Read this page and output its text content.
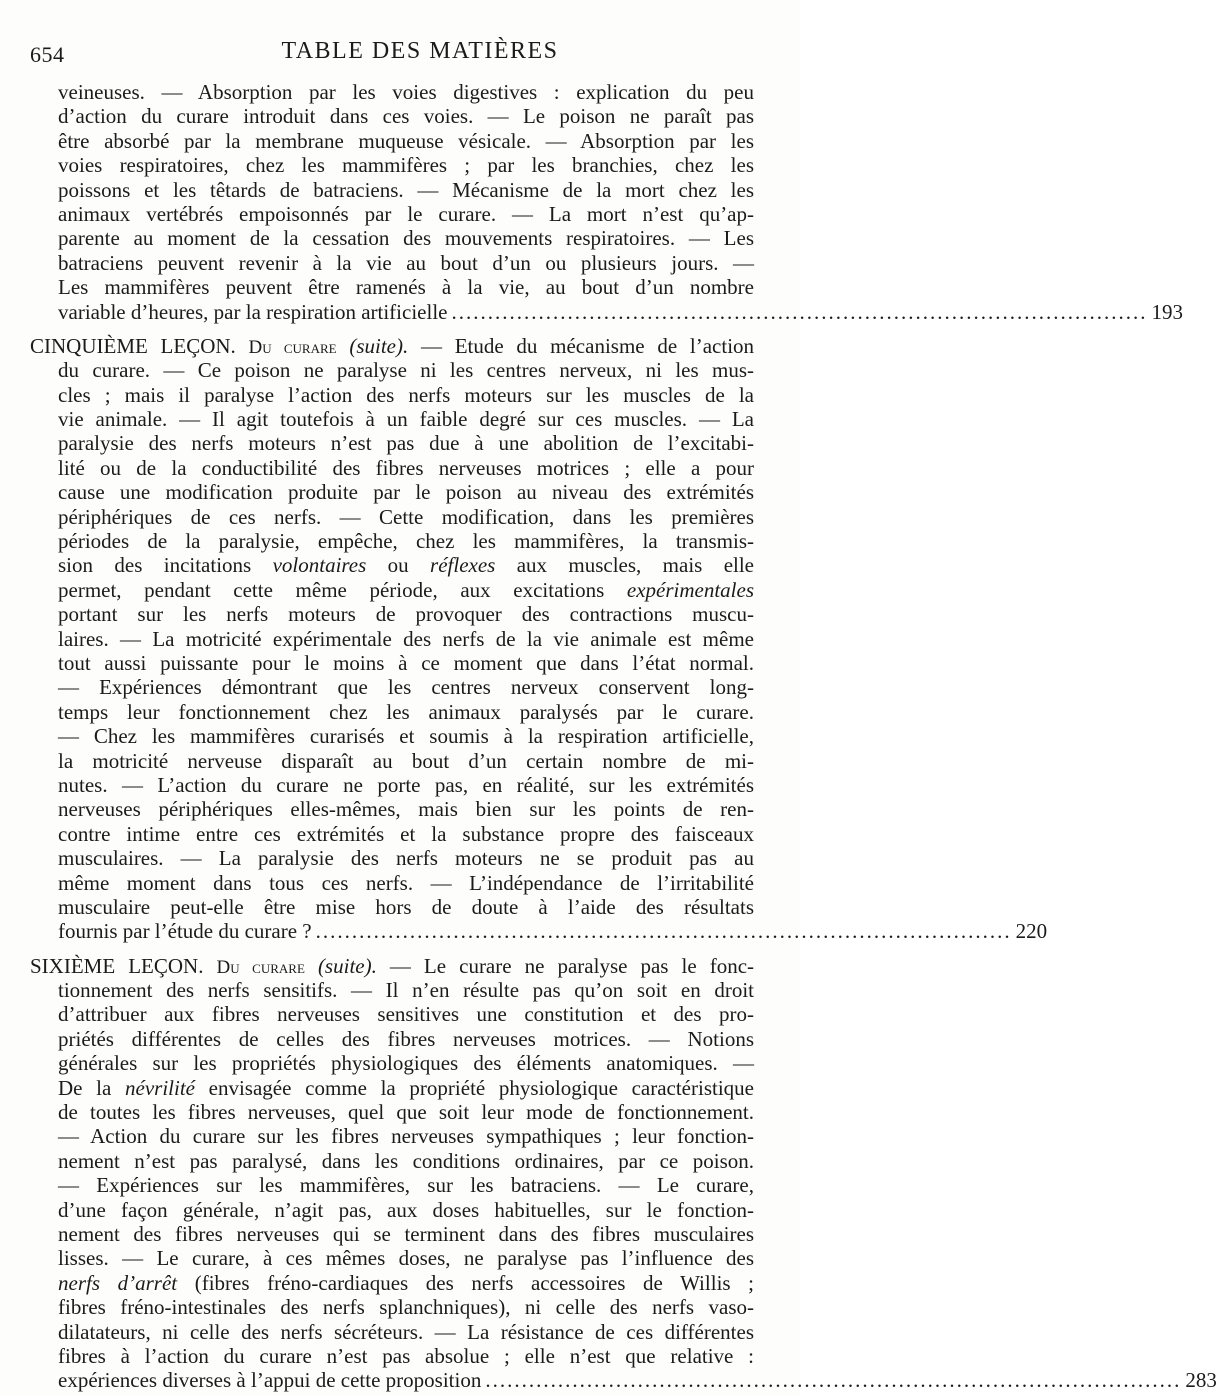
654	TABLE DES MATIÈRES
veineuses. — Absorption par les voies digestives : explication du peu
d’action du curare introduit dans ces voies. — Le poison ne paraît pas
être absorbé par la membrane muqueuse vésicale. — Absorption par les
voies respiratoires, chez les mammifères ; par les branchies, chez les
poissons et les têtards de batraciens. — Mécanisme de la mort chez les
animaux vertébrés empoisonnés par le curare. — La mort n’est qu’ap-
parente au moment de la cessation des mouvements respiratoires. — Les
batraciens peuvent revenir à la vie au bout d’un ou plusieurs jours. —
Les mammifères peuvent être ramenés à la vie, au bout d’un nombre
variable d’heures, par la respiration artificielle ................................................................................................ 193
CINQUIÈME LEÇON. Du curare (suite). — Etude du mécanisme de l’action
du curare. — Ce poison ne paralyse ni les centres nerveux, ni les mus-
cles ; mais il paralyse l’action des nerfs moteurs sur les muscles de la
vie animale. — Il agit toutefois à un faible degré sur ces muscles. — La
paralysie des nerfs moteurs n’est pas due à une abolition de l’excitabi-
lité ou de la conductibilité des fibres nerveuses motrices ; elle a pour
cause une modification produite par le poison au niveau des extrémités
périphériques de ces nerfs. — Cette modification, dans les premières
périodes de la paralysie, empêche, chez les mammifères, la transmis-
sion des incitations volontaires ou réflexes aux muscles, mais elle
permet, pendant cette même période, aux excitations expérimentales
portant sur les nerfs moteurs de provoquer des contractions muscu-
laires. — La motricité expérimentale des nerfs de la vie animale est même
tout aussi puissante pour le moins à ce moment que dans l’état normal.
— Expériences démontrant que les centres nerveux conservent long-
temps leur fonctionnement chez les animaux paralysés par le curare.
— Chez les mammifères curarisés et soumis à la respiration artificielle,
la motricité nerveuse disparaît au bout d’un certain nombre de mi-
nutes. — L’action du curare ne porte pas, en réalité, sur les extrémités
nerveuses périphériques elles-mêmes, mais bien sur les points de ren-
contre intime entre ces extrémités et la substance propre des faisceaux
musculaires. — La paralysie des nerfs moteurs ne se produit pas au
même moment dans tous ces nerfs. — L’indépendance de l’irritabilité
musculaire peut-elle être mise hors de doute à l’aide des résultats
fournis par l’étude du curare ? ................................................................................................ 220
SIXIÈME LEÇON. Du curare (suite). — Le curare ne paralyse pas le fonc-
tionnement des nerfs sensitifs. — Il n’en résulte pas qu’on soit en droit
d’attribuer aux fibres nerveuses sensitives une constitution et des pro-
priétés différentes de celles des fibres nerveuses motrices. — Notions
générales sur les propriétés physiologiques des éléments anatomiques. —
De la névrilité envisagée comme la propriété physiologique caractéristique
de toutes les fibres nerveuses, quel que soit leur mode de fonctionnement.
— Action du curare sur les fibres nerveuses sympathiques ; leur fonction-
nement n’est pas paralysé, dans les conditions ordinaires, par ce poison.
— Expériences sur les mammifères, sur les batraciens. — Le curare,
d’une façon générale, n’agit pas, aux doses habituelles, sur le fonction-
nement des fibres nerveuses qui se terminent dans des fibres musculaires
lisses. — Le curare, à ces mêmes doses, ne paralyse pas l’influence des
nerfs d’arrêt (fibres fréno-cardiaques des nerfs accessoires de Willis ;
fibres fréno-intestinales des nerfs splanchniques), ni celle des nerfs vaso-
dilatateurs, ni celle des nerfs sécréteurs. — La résistance de ces différentes
fibres à l’action du curare n’est pas absolue ; elle n’est que relative :
expériences diverses à l’appui de cette proposition ................................................................................................ 283
